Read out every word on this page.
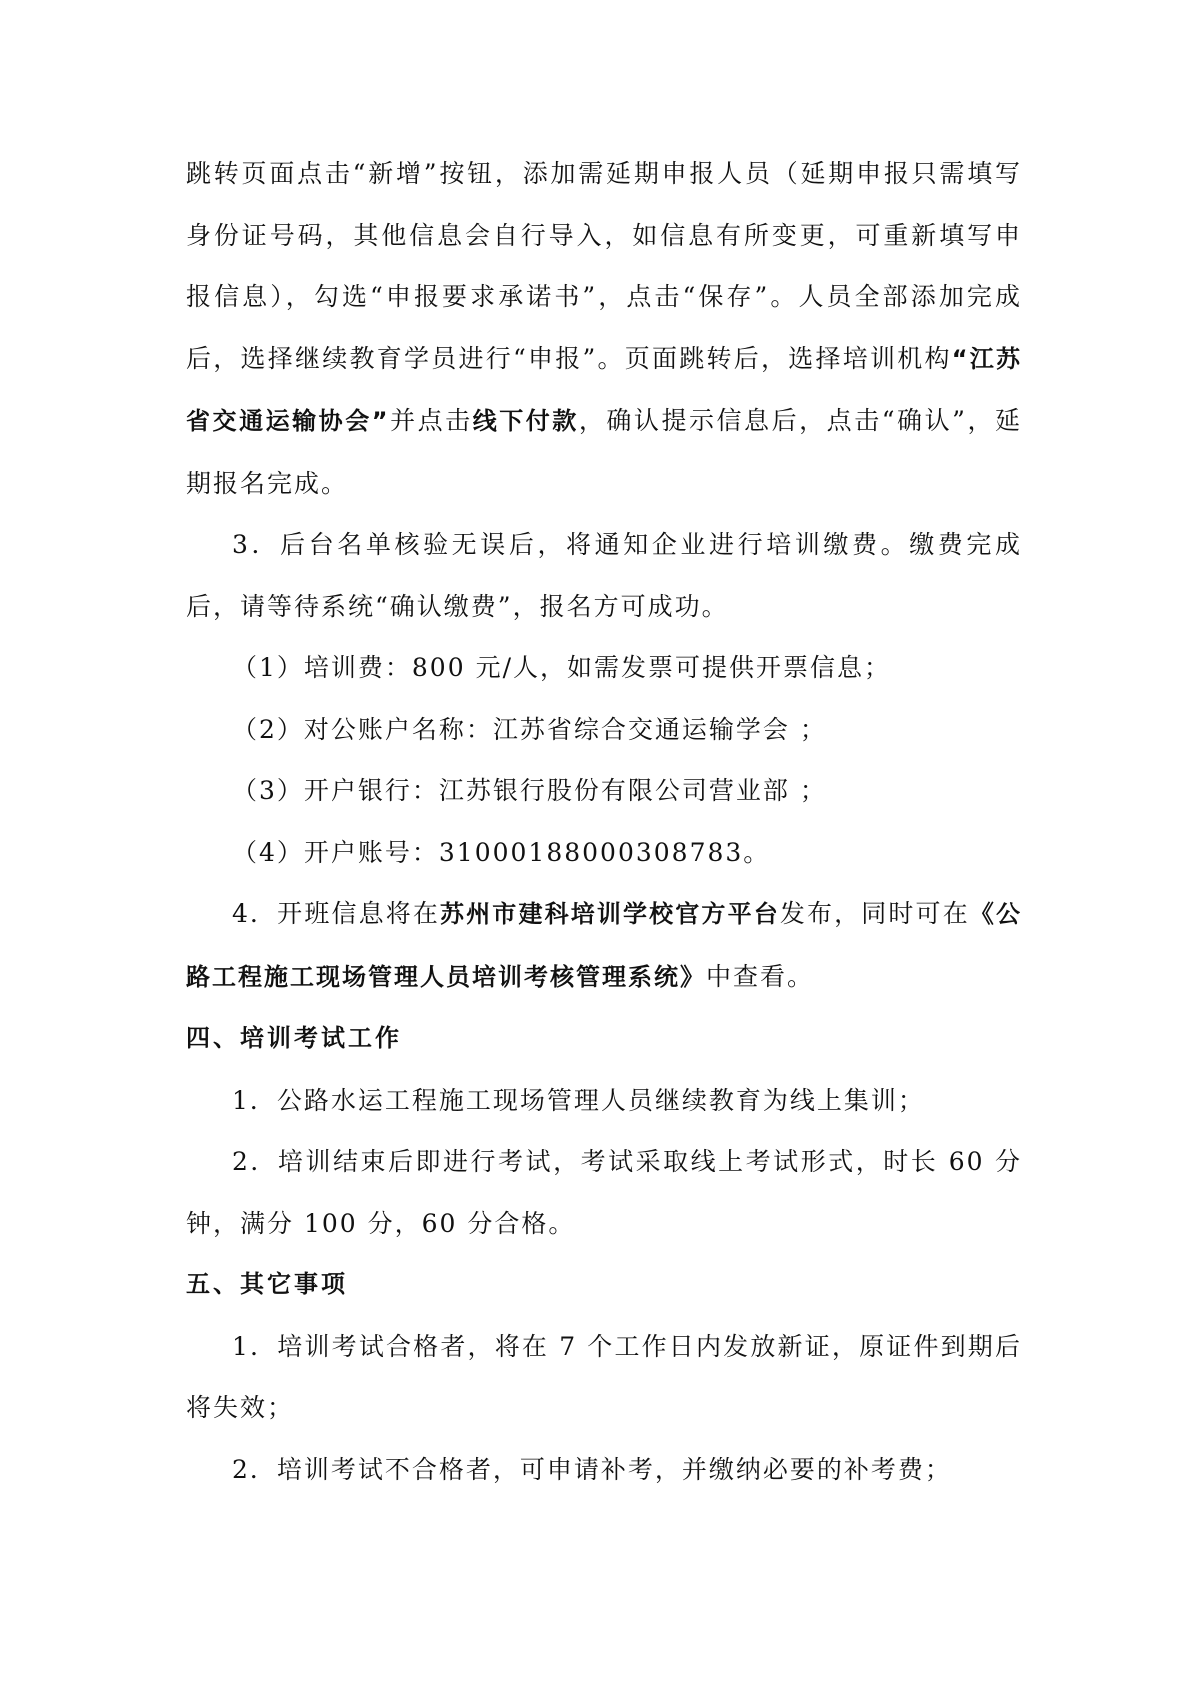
跳转页面点击“新增”按钮，添加需延期申报人员（延期申报只需填写身份证号码，其他信息会自行导入，如信息有所变更，可重新填写申报信息），勾选“申报要求承诺书”，点击“保存”。人员全部添加完成后，选择继续教育学员进行“申报”。页面跳转后，选择培训机构“江苏省交通运输协会”并点击线下付款，确认提示信息后，点击“确认”，延期报名完成。

3．后台名单核验无误后，将通知企业进行培训缴费。缴费完成后，请等待系统“确认缴费”，报名方可成功。

（1）培训费：800 元/人，如需发票可提供开票信息；

（2）对公账户名称：江苏省综合交通运输学会 ；

（3）开户银行：江苏银行股份有限公司营业部 ；

（4）开户账号：31000188000308783。

4．开班信息将在苏州市建科培训学校官方平台发布，同时可在《公路工程施工现场管理人员培训考核管理系统》中查看。

四、培训考试工作

1．公路水运工程施工现场管理人员继续教育为线上集训；

2．培训结束后即进行考试，考试采取线上考试形式，时长 60 分钟，满分 100 分，60 分合格。

五、其它事项

1．培训考试合格者，将在 7 个工作日内发放新证，原证件到期后将失效；

2．培训考试不合格者，可申请补考，并缴纳必要的补考费；
